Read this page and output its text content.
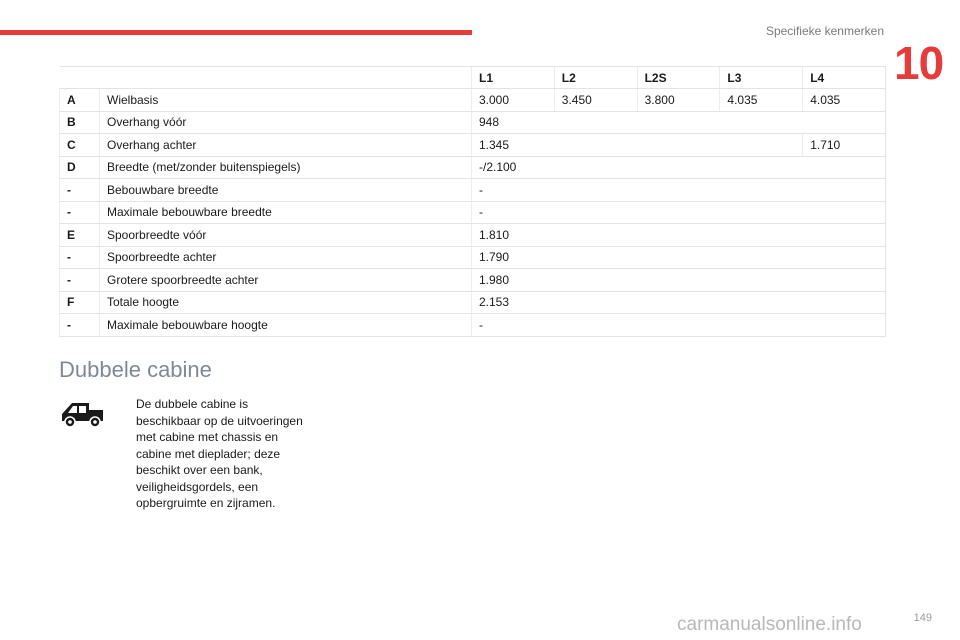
Specifieke kenmerken
10
		L1	L2	L2S	L3	L4
A	Wielbasis	3.000	3.450	3.800	4.035	4.035
B	Overhang vóór	948				
C	Overhang achter	1.345				1.710
D	Breedte (met/zonder buitenspiegels)	-/2.100				
-	Bebouwbare breedte	-				
-	Maximale bebouwbare breedte	-				
E	Spoorbreedte vóór	1.810				
-	Spoorbreedte achter	1.790				
-	Grotere spoorbreedte achter	1.980				
F	Totale hoogte	2.153				
-	Maximale bebouwbare hoogte	-				
Dubbele cabine
De dubbele cabine is beschikbaar op de uitvoeringen met cabine met chassis en cabine met dieplader; deze beschikt over een bank, veiligheidsgordels, een opbergruimte en zijramen.
149
carmanualsonline.info
